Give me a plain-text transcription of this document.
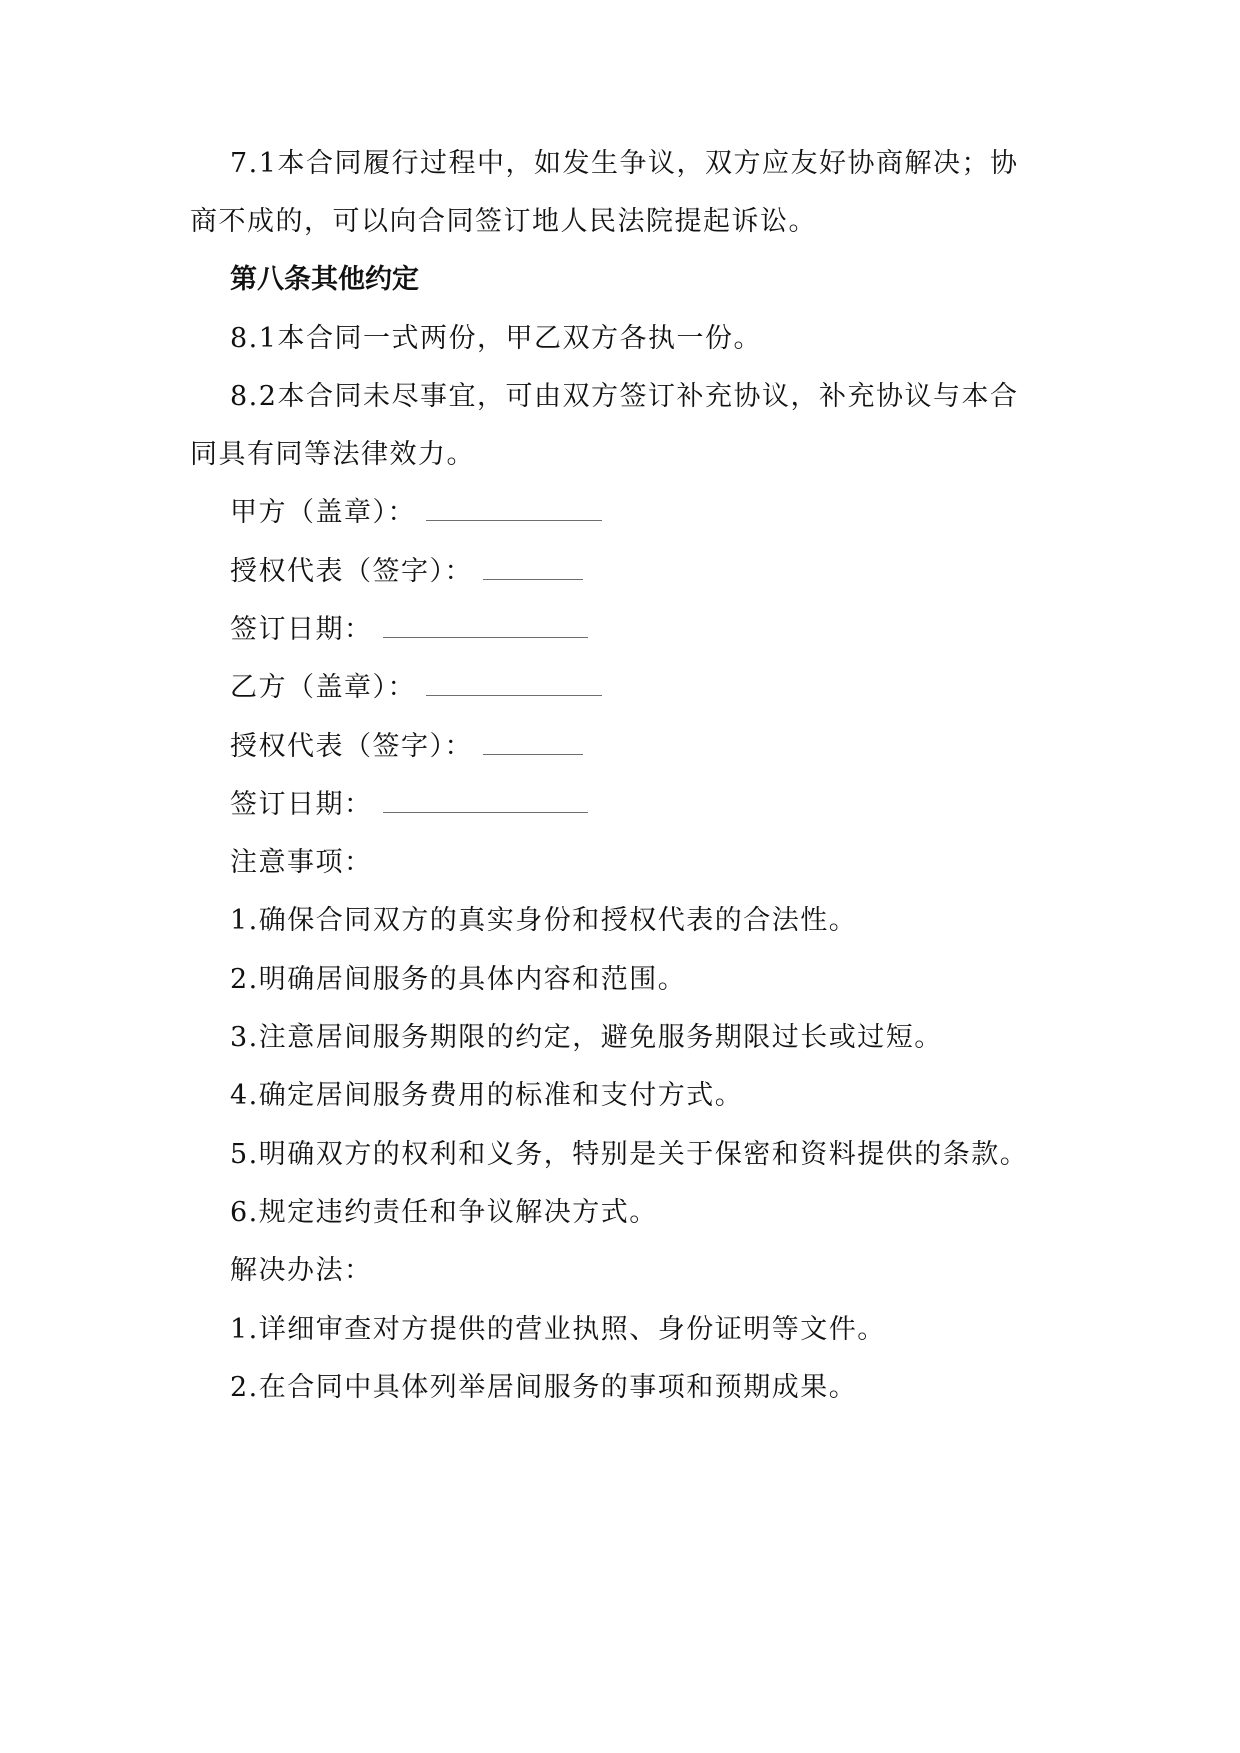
7.1本合同履行过程中，如发生争议，双方应友好协商解决；协
商不成的，可以向合同签订地人民法院提起诉讼。
第八条其他约定
8.1本合同一式两份，甲乙双方各执一份。
8.2本合同未尽事宜，可由双方签订补充协议，补充协议与本合
同具有同等法律效力。
甲方（盖章）：
授权代表（签字）：
签订日期：
乙方（盖章）：
授权代表（签字）：
签订日期：
注意事项：
1.确保合同双方的真实身份和授权代表的合法性。
2.明确居间服务的具体内容和范围。
3.注意居间服务期限的约定，避免服务期限过长或过短。
4.确定居间服务费用的标准和支付方式。
5.明确双方的权利和义务，特别是关于保密和资料提供的条款。
6.规定违约责任和争议解决方式。
解决办法：
1.详细审查对方提供的营业执照、身份证明等文件。
2.在合同中具体列举居间服务的事项和预期成果。
